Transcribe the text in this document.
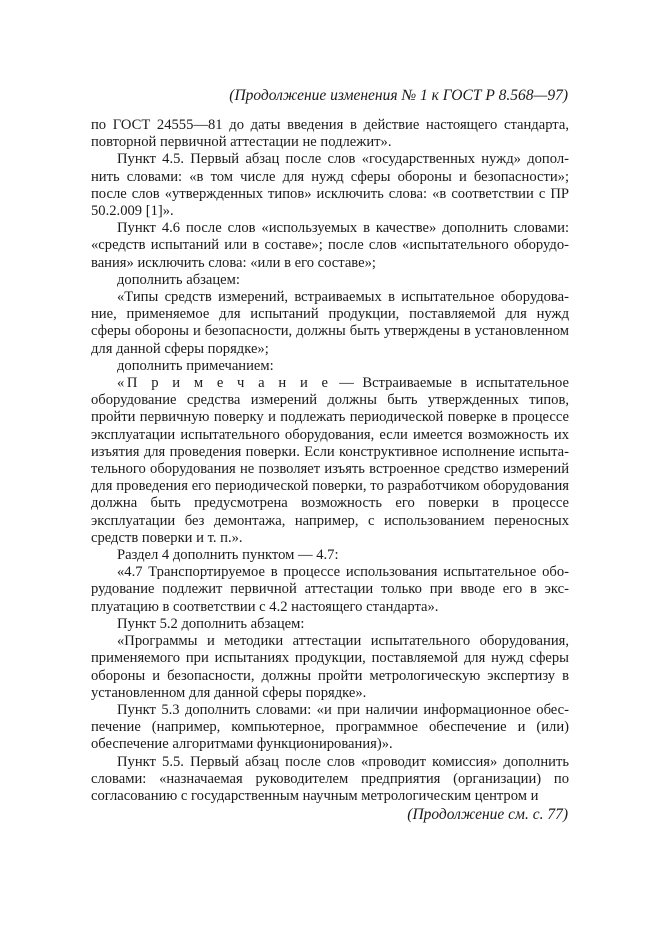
(Продолжение изменения № 1 к ГОСТ Р 8.568—97)

по ГОСТ 24555—81 до даты введения в действие настоящего стандарта, повторной первичной аттестации не подлежит».

Пункт 4.5. Первый абзац после слов «государственных нужд» дополнить словами: «в том числе для нужд сферы обороны и безопасности»; после слов «утвержденных типов» исключить слова: «в соответствии с ПР 50.2.009 [1]».

Пункт 4.6 после слов «используемых в качестве» дополнить словами: «средств испытаний или в составе»; после слов «испытательного оборудования» исключить слова: «или в его составе»;

дополнить абзацем:

«Типы средств измерений, встраиваемых в испытательное оборудование, применяемое для испытаний продукции, поставляемой для нужд сферы обороны и безопасности, должны быть утверждены в установленном для данной сферы порядке»;

дополнить примечанием:

«П р и м е ч а н и е — Встраиваемые в испытательное оборудование средства измерений должны быть утвержденных типов, пройти первичную поверку и подлежать периодической поверке в процессе эксплуатации испытательного оборудования, если имеется возможность их изъятия для проведения поверки. Если конструктивное исполнение испытательного оборудования не позволяет изъять встроенное средство измерений для проведения его периодической поверки, то разработчиком оборудования должна быть предусмотрена возможность его поверки в процессе эксплуатации без демонтажа, например, с использованием переносных средств поверки и т. п.».

Раздел 4 дополнить пунктом — 4.7:

«4.7 Транспортируемое в процессе использования испытательное оборудование подлежит первичной аттестации только при вводе его в эксплуатацию в соответствии с 4.2 настоящего стандарта».

Пункт 5.2 дополнить абзацем:

«Программы и методики аттестации испытательного оборудования, применяемого при испытаниях продукции, поставляемой для нужд сферы обороны и безопасности, должны пройти метрологическую экспертизу в установленном для данной сферы порядке».

Пункт 5.3 дополнить словами: «и при наличии информационное обеспечение (например, компьютерное, программное обеспечение и (или) обеспечение алгоритмами функционирования)».

Пункт 5.5. Первый абзац после слов «проводит комиссия» дополнить словами: «назначаемая руководителем предприятия (организации) по согласованию с государственным научным метрологическим центром и

(Продолжение см. с. 77)
